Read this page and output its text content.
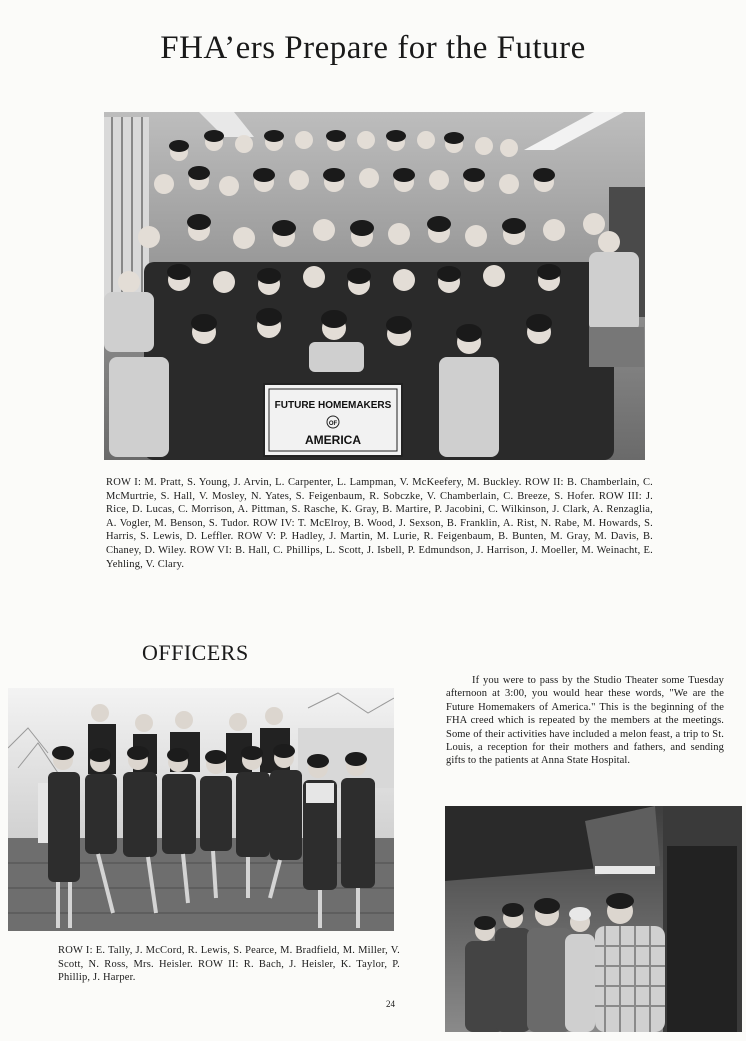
FHA’ers Prepare for the Future
FUTURE HOMEMAKERS
OF
AMERICA
ROW I: M. Pratt, S. Young, J. Arvin, L. Carpenter, L. Lampman, V. McKeefery, M. Buckley. ROW II: B. Chamberlain, C. McMurtrie, S. Hall, V. Mosley, N. Yates, S. Feigenbaum, R. Sobczke, V. Chamberlain, C. Breeze, S. Hofer. ROW III: J. Rice, D. Lucas, C. Morrison, A. Pittman, S. Rasche, K. Gray, B. Martire, P. Jacobini, C. Wilkinson, J. Clark, A. Renzaglia, A. Vogler, M. Benson, S. Tudor. ROW IV: T. McElroy, B. Wood, J. Sexson, B. Franklin, A. Rist, N. Rabe, M. Howards, S. Harris, S. Lewis, D. Leffler. ROW V: P. Hadley, J. Martin, M. Lurie, R. Feigenbaum, B. Bunten, M. Gray, M. Davis, B. Chaney, D. Wiley. ROW VI: B. Hall, C. Phillips, L. Scott, J. Isbell, P. Edmundson, J. Harrison, J. Moeller, M. Weinacht, E. Yehling, V. Clary.
OFFICERS
ROW I: E. Tally, J. McCord, R. Lewis, S. Pearce, M. Bradfield, M. Miller, V. Scott, N. Ross, Mrs. Heisler. ROW II: R. Bach, J. Heisler, K. Taylor, P. Phillip, J. Harper.
If you were to pass by the Studio Theater some Tuesday afternoon at 3:00, you would hear these words, "We are the Future Homemakers of America." This is the beginning of the FHA creed which is repeated by the members at the meetings. Some of their activities have included a melon feast, a trip to St. Louis, a reception for their mothers and fathers, and sending gifts to the patients at Anna State Hospital.
24
